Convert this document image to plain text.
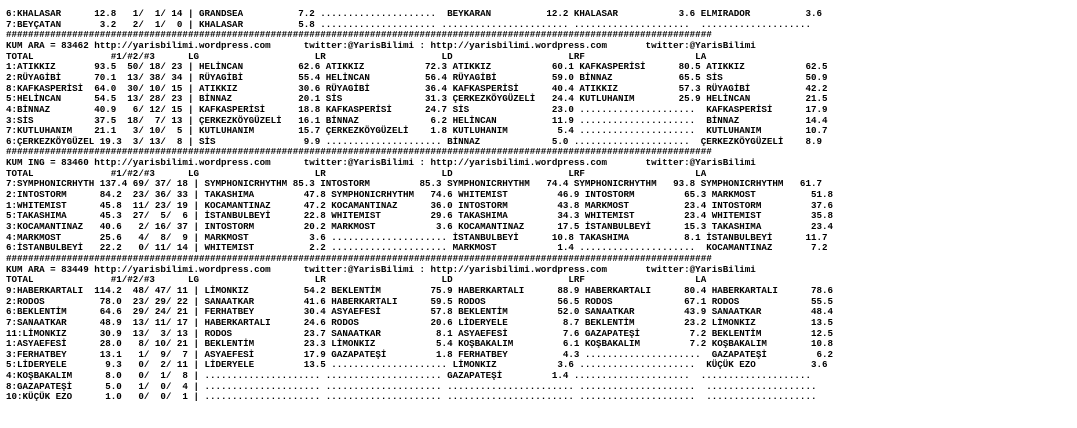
6:KHALASAR      12.8   1/  1/ 14 | GRANDSEA          7.2 .....................  BEYKARAN          12.2 KHALASAR           3.6 ELMIRADOR          3.6
7:BEYÇATAN       3.2   2/  1/  0 | KHALASAR          5.8 ..................... ....................... .....................  ....................
################################################################################################################################
KUM ARA = 83462 http://yarisbilimi.wordpress.com      twitter:@YarisBilimi : http://yarisbilimi.wordpress.com       twitter:@YarisBilimi
TOTAL              #1/#2/#3      LG                     LR                     LD                     LRF                    LA
1:ATIKKIZ       93.5  50/ 18/ 23 | HELİNCAN          62.6 ATIKKIZ           72.3 ATIKKIZ           60.1 KAFKASPERİSİ      80.5 ATIKKIZ           62.5
2:RÜYAGİBİ      70.1  13/ 38/ 34 | RÜYAGİBİ          55.4 HELİNCAN          56.4 RÜYAGİBİ          59.0 BİNNAZ            65.5 SİS               50.9
8:KAFKASPERİSİ  64.0  30/ 10/ 15 | ATIKKIZ           30.6 RÜYAGİBİ          36.4 KAFKASPERİSİ      40.4 ATIKKIZ           57.3 RÜYAGİBİ          42.2
5:HELİNCAN      54.5  13/ 28/ 23 | BİNNAZ            20.1 SİS               31.3 ÇERKEZKÖYGÜZELİ   24.4 KUTLUHANIM        25.9 HELİNCAN          21.5
4:BİNNAZ        40.9   6/ 12/ 15 | KAFKASPERİSİ      18.8 KAFKASPERİSİ      24.7 SİS               23.0 .....................  KAFKASPERİSİ      17.9
3:SİS           37.5  18/  7/ 13 | ÇERKEZKÖYGÜZELİ   16.1 BİNNAZ             6.2 HELİNCAN          11.9 .....................  BİNNAZ            14.4
7:KUTLUHANIM    21.1   3/ 10/  5 | KUTLUHANIM        15.7 ÇERKEZKÖYGÜZELİ    1.8 KUTLUHANIM         5.4 .....................  KUTLUHANIM        10.7
6:ÇERKEZKÖYGÜZEL 19.3  3/ 13/  8 | SİS                9.9 ..................... BİNNAZ             5.0 .....................  ÇERKEZKÖYGÜZELİ    8.9
################################################################################################################################
KUM ING = 83460 http://yarisbilimi.wordpress.com      twitter:@YarisBilimi : http://yarisbilimi.wordpress.com       twitter:@YarisBilimi
TOTAL              #1/#2/#3      LG                     LR                     LD                     LRF                    LA
7:SYMPHONICRHYTH 137.4 69/ 37/ 18 | SYMPHONICRHYTHM 85.3 INTOSTORM         85.3 SYMPHONICRHYTHM   74.4 SYMPHONICRHYTHM   93.8 SYMPHONICRHYTHM   61.7
2:INTOSTORM      84.2  23/ 36/ 33 | TAKASHIMA         47.8 SYMPHONICRHYTHM   74.6 WHITEMIST         46.9 INTOSTORM         65.3 MARKMOST          51.8
1:WHITEMIST      45.8  11/ 23/ 19 | KOCAMANTINAZ      47.2 KOCAMANTINAZ      36.0 INTOSTORM         43.8 MARKMOST          23.4 INTOSTORM         37.6
5:TAKASHIMA      45.3  27/  5/  6 | İSTANBULBEYİ      22.8 WHITEMIST         29.6 TAKASHIMA         34.3 WHITEMIST         23.4 WHITEMIST         35.8
3:KOCAMANTINAZ   40.6   2/ 16/ 37 | INTOSTORM         20.2 MARKMOST           3.6 KOCAMANTINAZ      17.5 İSTANBULBEYİ      15.3 TAKASHIMA         23.4
4:MARKMOST       25.6   4/  8/  9 | MARKMOST           3.6 ..................... İSTANBULBEYİ      10.8 TAKASHIMA          8.1 İSTANBULBEYİ      11.7
6:İSTANBULBEYİ   22.2   0/ 11/ 14 | WHITEMIST          2.2 ..................... MARKMOST           1.4 .....................  KOCAMANTINAZ       7.2
################################################################################################################################
KUM ARA = 83449 http://yarisbilimi.wordpress.com      twitter:@YarisBilimi : http://yarisbilimi.wordpress.com       twitter:@YarisBilimi
TOTAL              #1/#2/#3      LG                     LR                     LD                     LRF                    LA
9:HABERKARTALI  114.2  48/ 47/ 11 | LİMONKIZ          54.2 BEKLENTİM         75.9 HABERKARTALI      88.9 HABERKARTALI      80.4 HABERKARTALI      78.6
2:RODOS          78.0  23/ 29/ 22 | SANAATKAR         41.6 HABERKARTALI      59.5 RODOS             56.5 RODOS             67.1 RODOS             55.5
6:BEKLENTİM      64.6  29/ 24/ 21 | FERHATBEY         30.4 ASYAEFESİ         57.8 BEKLENTİM         52.0 SANAATKAR         43.9 SANAATKAR         48.4
7:SANAATKAR      48.9  13/ 11/ 17 | HABERKARTALI      24.6 RODOS             20.6 LİDERYELE          8.7 BEKLENTİM         23.2 LİMONKIZ          13.5
11:LİMONKIZ      30.9  13/  3/ 13 | RODOS             23.7 SANAATKAR          8.1 ASYAEFESİ          7.6 GAZAPATEŞİ         7.2 BEKLENTİM         12.5
1:ASYAEFESİ      28.0   8/ 10/ 21 | BEKLENTİM         23.3 LİMONKIZ           5.4 KOŞBAKALIM         6.1 KOŞBAKALIM         7.2 KOŞBAKALIM        10.8
3:FERHATBEY      13.1   1/  9/  7 | ASYAEFESİ         17.9 GAZAPATEŞİ         1.8 FERHATBEY          4.3 .....................  GAZAPATEŞİ         6.2
5:LİDERYELE       9.3   0/  2/ 11 | LİDERYELE         13.5 ..................... LİMONKIZ           3.6 .....................  KÜÇÜK EZO          3.6
4:KOŞBAKALIM      8.0   0/  1/  8 | ..................... ..................... GAZAPATEŞİ         1.4 .....................  ....................
8:GAZAPATEŞİ      5.0   1/  0/  4 | ..................... ..................... ....................... .....................  ....................
10:KÜÇÜK EZO      1.0   0/  0/  1 | ..................... ..................... ....................... .....................  ....................
